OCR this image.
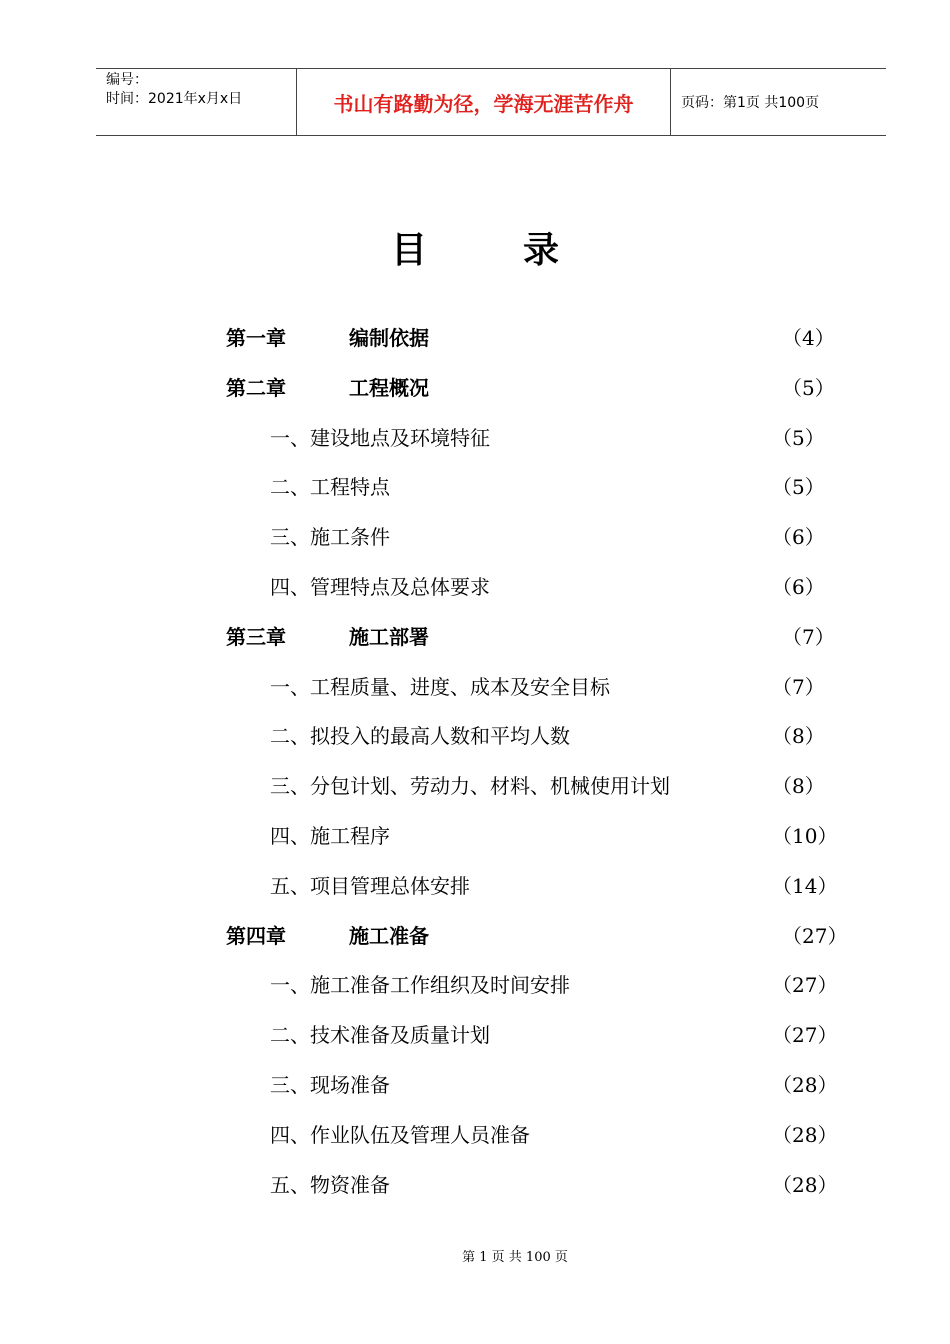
编号：
时间：2021年x月x日	书山有路勤为径，学海无涯苦作舟	页码：第1页 共100页
目	录
第一章	编制依据	（4）
第二章	工程概况	（5）
一、建设地点及环境特征	（5）
二、工程特点	（5）
三、施工条件	（6）
四、管理特点及总体要求	（6）
第三章	施工部署	（7）
一、工程质量、进度、成本及安全目标	（7）
二、拟投入的最高人数和平均人数	（8）
三、分包计划、劳动力、材料、机械使用计划	（8）
四、施工程序	（10）
五、项目管理总体安排	（14）
第四章	施工准备	（27）
一、施工准备工作组织及时间安排	（27）
二、技术准备及质量计划	（27）
三、现场准备	（28）
四、作业队伍及管理人员准备	（28）
五、物资准备	（28）
第 1 页 共 100 页
